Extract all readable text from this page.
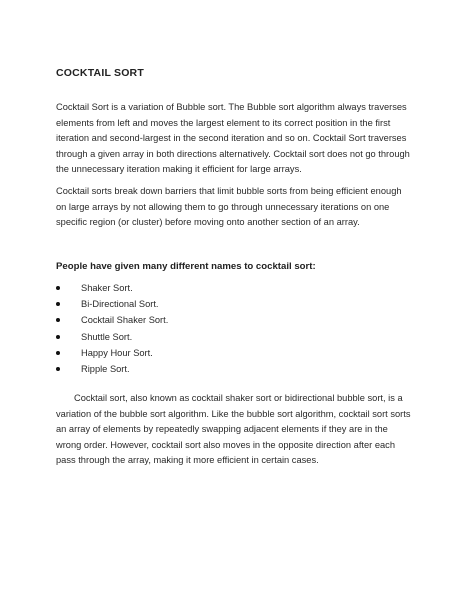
COCKTAIL SORT

Cocktail Sort is a variation of Bubble sort. The Bubble sort algorithm always traverses
elements from left and moves the largest element to its correct position in the first
iteration and second-largest in the second iteration and so on. Cocktail Sort traverses
through a given array in both directions alternatively. Cocktail sort does not go through
the unnecessary iteration making it efficient for large arrays.

Cocktail sorts break down barriers that limit bubble sorts from being efficient enough
on large arrays by not allowing them to go through unnecessary iterations on one
specific region (or cluster) before moving onto another section of an array.

People have given many different names to cocktail sort:
Shaker Sort.
Bi-Directional Sort.
Cocktail Shaker Sort.
Shuttle Sort.
Happy Hour Sort.
Ripple Sort.

Cocktail sort, also known as cocktail shaker sort or bidirectional bubble sort, is a
variation of the bubble sort algorithm. Like the bubble sort algorithm, cocktail sort sorts
an array of elements by repeatedly swapping adjacent elements if they are in the
wrong order. However, cocktail sort also moves in the opposite direction after each
pass through the array, making it more efficient in certain cases.
